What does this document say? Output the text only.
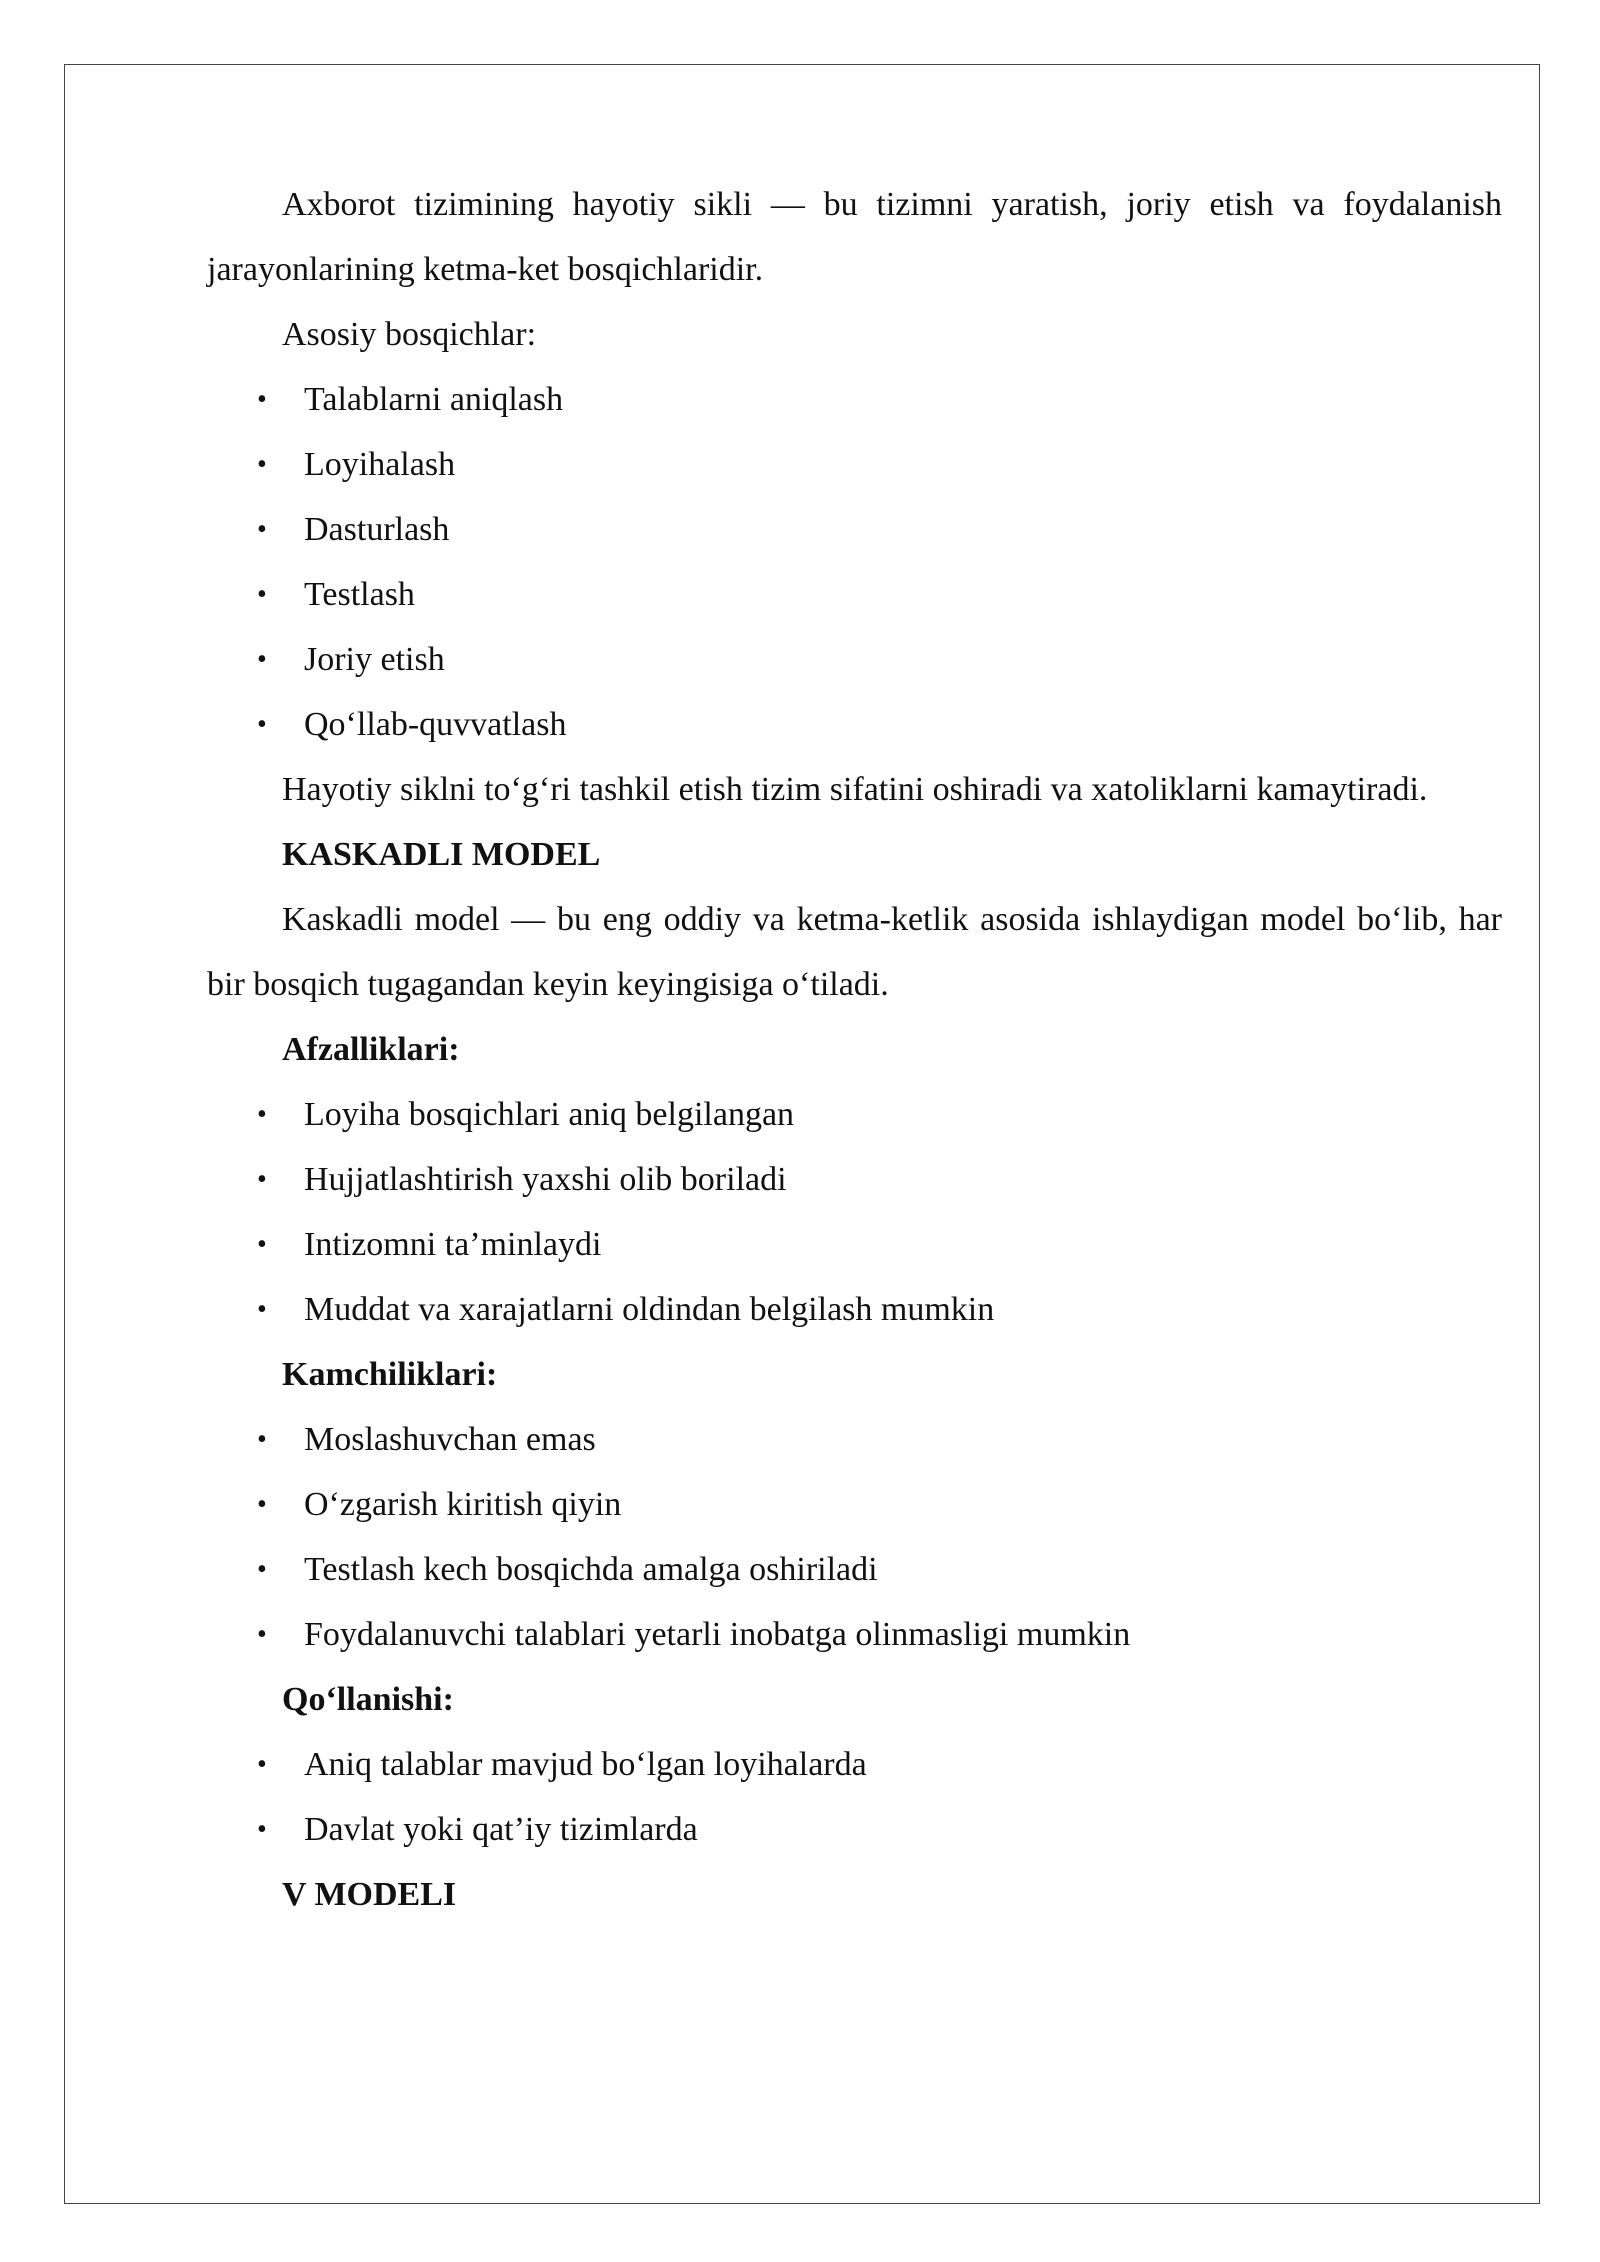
Axborot tizimining hayotiy sikli — bu tizimni yaratish, joriy etish va foydalanish jarayonlarining ketma-ket bosqichlaridir.

Asosiy bosqichlar:

• Talablarni aniqlash
• Loyihalash
• Dasturlash
• Testlash
• Joriy etish
• Qo‘llab-quvvatlash

Hayotiy siklni to‘g‘ri tashkil etish tizim sifatini oshiradi va xatoliklarni kamaytiradi.

KASKADLI MODEL

Kaskadli model — bu eng oddiy va ketma-ketlik asosida ishlaydigan model bo‘lib, har bir bosqich tugagandan keyin keyingisiga o‘tiladi.

Afzalliklari:

• Loyiha bosqichlari aniq belgilangan
• Hujjatlashtirish yaxshi olib boriladi
• Intizomni ta’minlaydi
• Muddat va xarajatlarni oldindan belgilash mumkin

Kamchiliklari:

• Moslashuvchan emas
• O‘zgarish kiritish qiyin
• Testlash kech bosqichda amalga oshiriladi
• Foydalanuvchi talablari yetarli inobatga olinmasligi mumkin

Qo‘llanishi:

• Aniq talablar mavjud bo‘lgan loyihalarda
• Davlat yoki qat’iy tizimlarda

V MODELI
